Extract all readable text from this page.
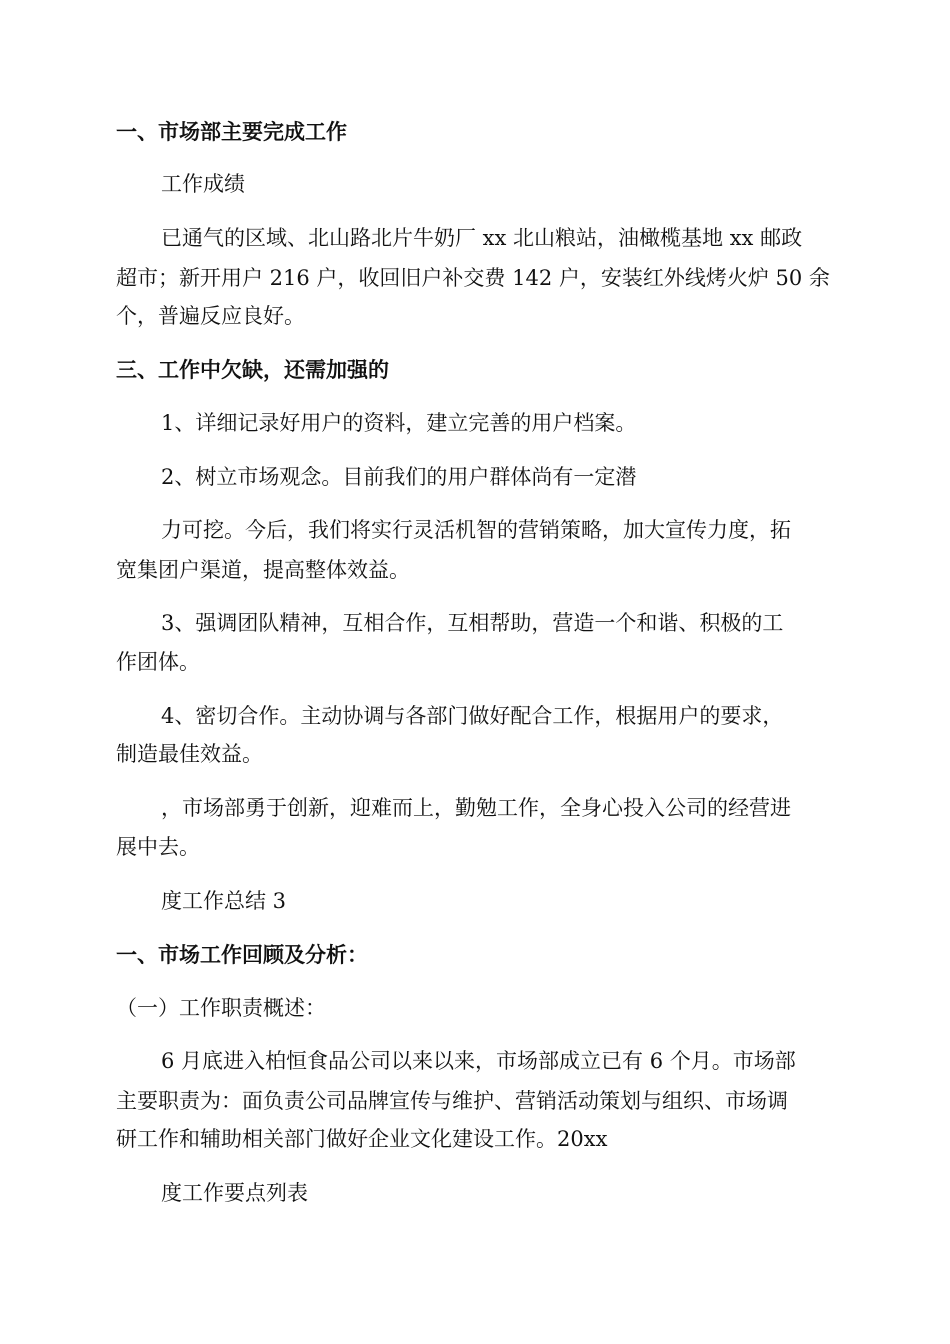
一、市场部主要完成工作

工作成绩

已通气的区域、北山路北片牛奶厂 xx 北山粮站，油橄榄基地 xx 邮政

超市；新开用户 216 户，收回旧户补交费 142 户，安装红外线烤火炉 50 余

个，普遍反应良好。

三、工作中欠缺，还需加强的

1、详细记录好用户的资料，建立完善的用户档案。

2、树立市场观念。目前我们的用户群体尚有一定潜

力可挖。今后，我们将实行灵活机智的营销策略，加大宣传力度，拓

宽集团户渠道，提高整体效益。

3、强调团队精神，互相合作，互相帮助，营造一个和谐、积极的工

作团体。

4、密切合作。主动协调与各部门做好配合工作，根据用户的要求，

制造最佳效益。

，市场部勇于创新，迎难而上，勤勉工作，全身心投入公司的经营进

展中去。

度工作总结 3

一、市场工作回顾及分析：

（一）工作职责概述：

6 月底进入柏恒食品公司以来以来，市场部成立已有 6 个月。市场部

主要职责为：面负责公司品牌宣传与维护、营销活动策划与组织、市场调

研工作和辅助相关部门做好企业文化建设工作。20xx

度工作要点列表
